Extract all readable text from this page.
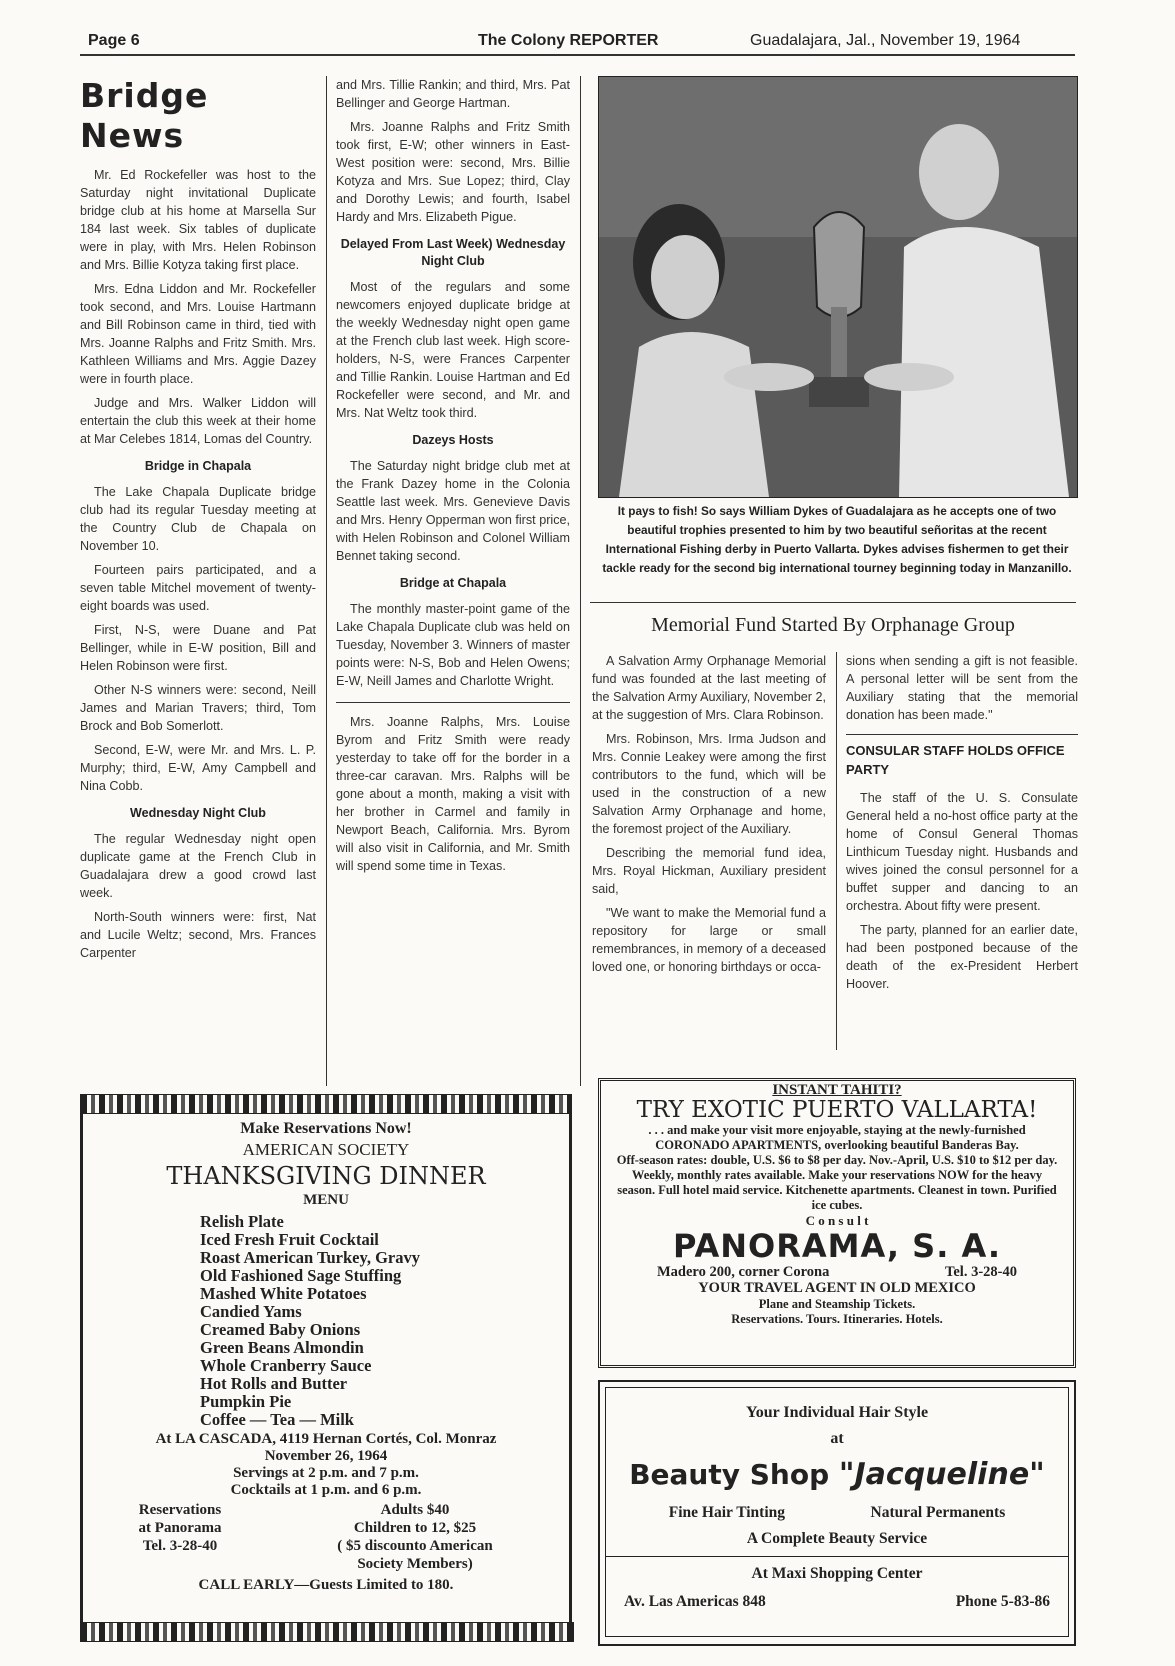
Page 6	The Colony REPORTER	Guadalajara, Jal., November 19, 1964
Bridge News

Mr. Ed Rockefeller was host to the Saturday night invitational Duplicate bridge club at his home at Marsella Sur 184 last week. Six tables of duplicate were in play, with Mrs. Helen Robinson and Mrs. Billie Kotyza taking first place.

Mrs. Edna Liddon and Mr. Rockefeller took second, and Mrs. Louise Hartmann and Bill Robinson came in third, tied with Mrs. Joanne Ralphs and Fritz Smith. Mrs. Kathleen Williams and Mrs. Aggie Dazey were in fourth place.

Judge and Mrs. Walker Liddon will entertain the club this week at their home at Mar Celebes 1814, Lomas del Country.

Bridge in Chapala

The Lake Chapala Duplicate bridge club had its regular Tuesday meeting at the Country Club de Chapala on November 10.

Fourteen pairs participated, and a seven table Mitchel movement of twenty-eight boards was used.

First, N-S, were Duane and Pat Bellinger, while in E-W position, Bill and Helen Robinson were first.

Other N-S winners were: second, Neill James and Marian Travers; third, Tom Brock and Bob Somerlott.

Second, E-W, were Mr. and Mrs. L. P. Murphy; third, E-W, Amy Campbell and Nina Cobb.

Wednesday Night Club

The regular Wednesday night open duplicate game at the French Club in Guadalajara drew a good crowd last week.

North-South winners were: first, Nat and Lucile Weltz; second, Mrs. Frances Carpenter

and Mrs. Tillie Rankin; and third, Mrs. Pat Bellinger and George Hartman.

Mrs. Joanne Ralphs and Fritz Smith took first, E-W; other winners in East-West position were: second, Mrs. Billie Kotyza and Mrs. Sue Lopez; third, Clay and Dorothy Lewis; and fourth, Isabel Hardy and Mrs. Elizabeth Pigue.

Delayed From Last Week) Wednesday Night Club

Most of the regulars and some newcomers enjoyed duplicate bridge at the weekly Wednesday night open game at the French club last week. High score-holders, N-S, were Frances Carpenter and Tillie Rankin. Louise Hartman and Ed Rockefeller were second, and Mr. and Mrs. Nat Weltz took third.

Dazeys Hosts

The Saturday night bridge club met at the Frank Dazey home in the Colonia Seattle last week. Mrs. Genevieve Davis and Mrs. Henry Opperman won first price, with Helen Robinson and Colonel William Bennet taking second.

Bridge at Chapala

The monthly master-point game of the Lake Chapala Duplicate club was held on Tuesday, November 3. Winners of master points were: N-S, Bob and Helen Owens; E-W, Neill James and Charlotte Wright.

Mrs. Joanne Ralphs, Mrs. Louise Byrom and Fritz Smith were ready yesterday to take off for the border in a three-car caravan. Mrs. Ralphs will be gone about a month, making a visit with her brother in Carmel and family in Newport Beach, California. Mrs. Byrom will also visit in California, and Mr. Smith will spend some time in Texas.

It pays to fish! So says William Dykes of Guadalajara as he accepts one of two beautiful trophies presented to him by two beautiful señoritas at the recent International Fishing derby in Puerto Vallarta. Dykes advises fishermen to get their tackle ready for the second big international tourney beginning today in Manzanillo.
Memorial Fund Started By Orphanage Group

A Salvation Army Orphanage Memorial fund was founded at the last meeting of the Salvation Army Auxiliary, November 2, at the suggestion of Mrs. Clara Robinson.

Mrs. Robinson, Mrs. Irma Judson and Mrs. Connie Leakey were among the first contributors to the fund, which will be used in the construction of a new Salvation Army Orphanage and home, the foremost project of the Auxiliary.

Describing the memorial fund idea, Mrs. Royal Hickman, Auxiliary president said,

"We want to make the Memorial fund a repository for large or small remembrances, in memory of a deceased loved one, or honoring birthdays or occa-

sions when sending a gift is not feasible. A personal letter will be sent from the Auxiliary stating that the memorial donation has been made."

CONSULAR STAFF HOLDS OFFICE PARTY

The staff of the U. S. Consulate General held a no-host office party at the home of Consul General Thomas Linthicum Tuesday night. Husbands and wives joined the consul personnel for a buffet supper and dancing to an orchestra. About fifty were present.

The party, planned for an earlier date, had been postponed because of the death of the ex-President Herbert Hoover.

Make Reservations Now!
AMERICAN SOCIETY
THANKSGIVING DINNER
MENU
Relish Plate
Iced Fresh Fruit Cocktail
Roast American Turkey, Gravy
Old Fashioned Sage Stuffing
Mashed White Potatoes
Candied Yams
Creamed Baby Onions
Green Beans Almondin
Whole Cranberry Sauce
Hot Rolls and Butter
Pumpkin Pie
Coffee — Tea — Milk
At LA CASCADA, 4119 Hernan Cortés, Col. Monraz
November 26, 1964
Servings at 2 p.m. and 7 p.m.
Cocktails at 1 p.m. and 6 p.m.
Reservations
at Panorama
Tel. 3-28-40
Adults $40
Children to 12, $25
( $5 discounto American
Society Members)
CALL EARLY—Guests Limited to 180.
INSTANT TAHITI?
TRY EXOTIC PUERTO VALLARTA!
. . . and make your visit more enjoyable, staying at the newly-furnished CORONADO APARTMENTS, overlooking beautiful Banderas Bay.
Off-season rates: double, U.S. $6 to $8 per day. Nov.-April, U.S. $10 to $12 per day. Weekly, monthly rates available. Make your reservations NOW for the heavy season. Full hotel maid service. Kitchenette apartments. Cleanest in town. Purified ice cubes.
C o n s u l t
PANORAMA, S. A.
Madero 200, corner Corona	Tel. 3-28-40
YOUR TRAVEL AGENT IN OLD MEXICO
Plane and Steamship Tickets.
Reservations. Tours. Itineraries. Hotels.
Your Individual Hair Style
at
Beauty Shop "Jacqueline"
Fine Hair Tinting	Natural Permanents
A Complete Beauty Service
At Maxi Shopping Center
Av. Las Americas 848	Phone 5-83-86
